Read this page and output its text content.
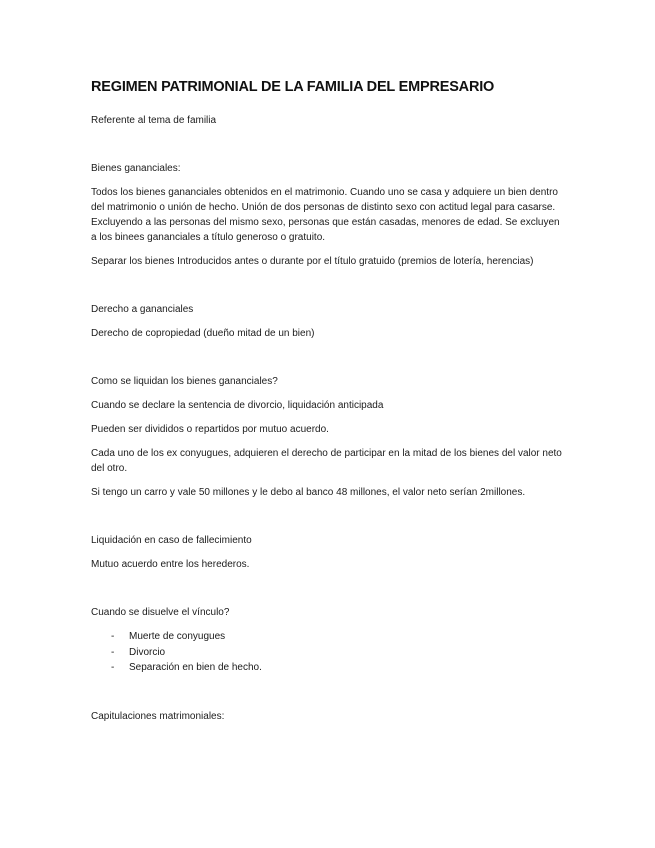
REGIMEN PATRIMONIAL DE LA FAMILIA DEL EMPRESARIO

Referente al tema de familia

Bienes gananciales:

Todos los bienes gananciales obtenidos en el matrimonio. Cuando uno se casa y adquiere un bien dentro del matrimonio o unión de hecho. Unión de dos personas de distinto sexo con actitud legal para casarse. Excluyendo a las personas del mismo sexo, personas que están casadas, menores de edad. Se excluyen a los binees gananciales a título generoso o gratuito.

Separar los bienes Introducidos antes o durante por el título gratuido (premios de lotería, herencias)

Derecho a gananciales

Derecho de copropiedad (dueño mitad de un bien)

Como se liquidan los bienes gananciales?

Cuando se declare la sentencia de divorcio, liquidación anticipada

Pueden ser divididos o repartidos por mutuo acuerdo.

Cada uno de los ex conyugues, adquieren el derecho de participar en la mitad de los bienes del valor neto del otro.

Si tengo un carro y vale 50 millones y le debo al banco 48 millones, el valor neto serían 2millones.

Liquidación en caso de fallecimiento

Mutuo acuerdo entre los herederos.

Cuando se disuelve el vínculo?

- Muerte de conyugues
- Divorcio
- Separación en bien de hecho.

Capitulaciones matrimoniales:
